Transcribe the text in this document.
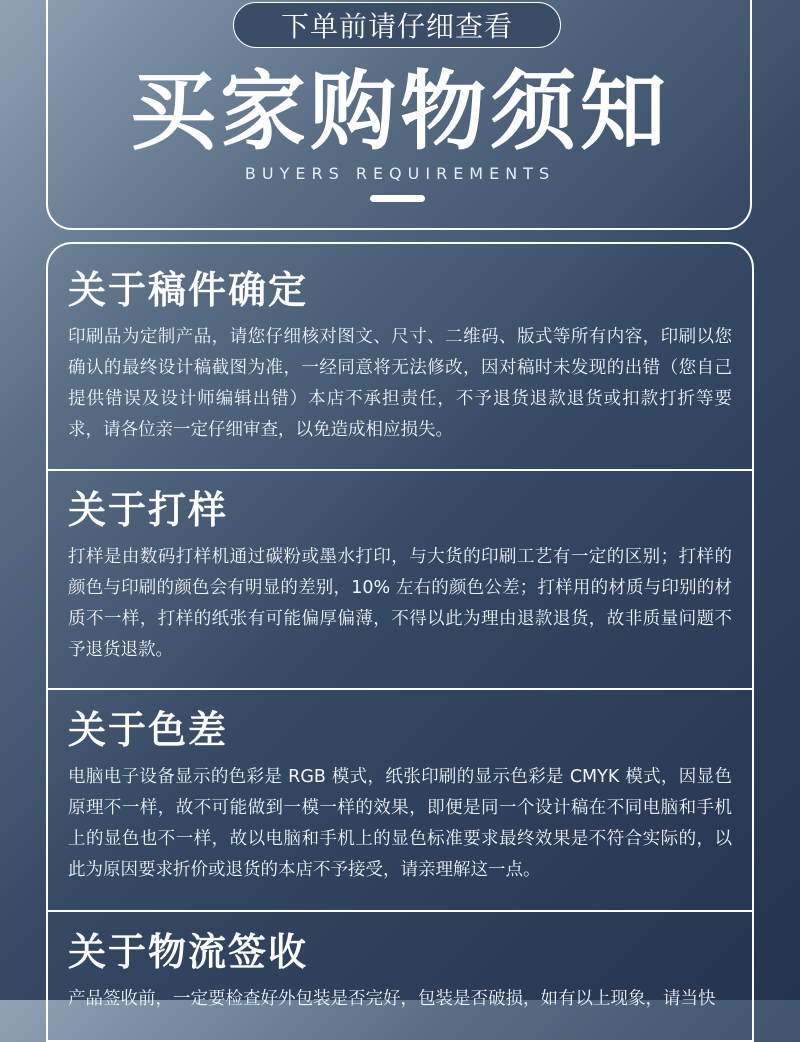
下单前请仔细查看
买家购物须知
BUYERS REQUIREMENTS
关于稿件确定

印刷品为定制产品，请您仔细核对图文、尺寸、二维码、版式等所有内容，印刷以您确认的最终设计稿截图为准，一经同意将无法修改，因对稿时未发现的出错（您自己提供错误及设计师编辑出错）本店不承担责任，不予退货退款退货或扣款打折等要求，请各位亲一定仔细审查，以免造成相应损失。

关于打样

打样是由数码打样机通过碳粉或墨水打印，与大货的印刷工艺有一定的区别；打样的颜色与印刷的颜色会有明显的差别，10% 左右的颜色公差；打样用的材质与印别的材质不一样，打样的纸张有可能偏厚偏薄，不得以此为理由退款退货，故非质量问题不予退货退款。

关于色差

电脑电子设备显示的色彩是 RGB 模式，纸张印刷的显示色彩是 CMYK 模式，因显色原理不一样，故不可能做到一模一样的效果，即便是同一个设计稿在不同电脑和手机上的显色也不一样，故以电脑和手机上的显色标准要求最终效果是不符合实际的，以此为原因要求折价或退货的本店不予接受，请亲理解这一点。

关于物流签收

产品签收前，一定要检查好外包装是否完好，包装是否破损，如有以上现象，请当快
